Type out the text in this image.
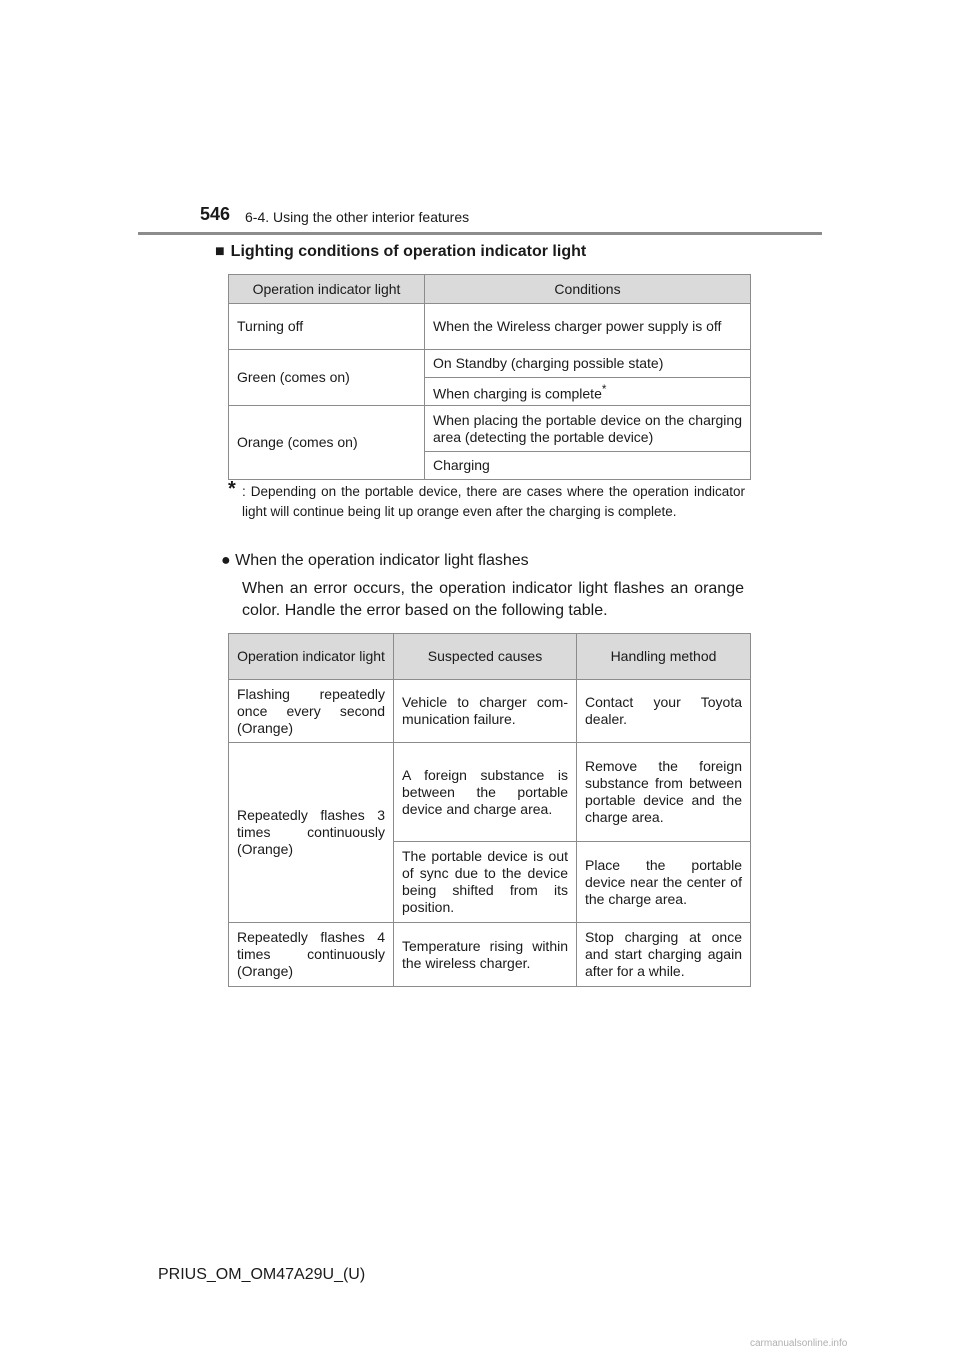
546 6-4. Using the other interior features
■ Lighting conditions of operation indicator light
Operation indicator light	Conditions
Turning off	When the Wireless charger power supply is off
Green (comes on)	On Standby (charging possible state)
	When charging is complete*
Orange (comes on)	When placing the portable device on the charging area (detecting the portable device)
	Charging
* : Depending on the portable device, there are cases where the operation indicator light will continue being lit up orange even after the charging is complete.
● When the operation indicator light flashes
When an error occurs, the operation indicator light flashes an orange color. Handle the error based on the following table.
Operation indicator light	Suspected causes	Handling method
Flashing repeatedly once every second (Orange)	Vehicle to charger com-munication failure.	Contact your Toyota dealer.
Repeatedly flashes 3 times continuously (Orange)	A foreign substance is between the portable device and charge area.	Remove the foreign substance from between portable device and the charge area.
	The portable device is out of sync due to the device being shifted from its position.	Place the portable device near the center of the charge area.
Repeatedly flashes 4 times continuously (Orange)	Temperature rising within the wireless charger.	Stop charging at once and start charging again after for a while.
PRIUS_OM_OM47A29U_(U)
carmanualsonline.info
